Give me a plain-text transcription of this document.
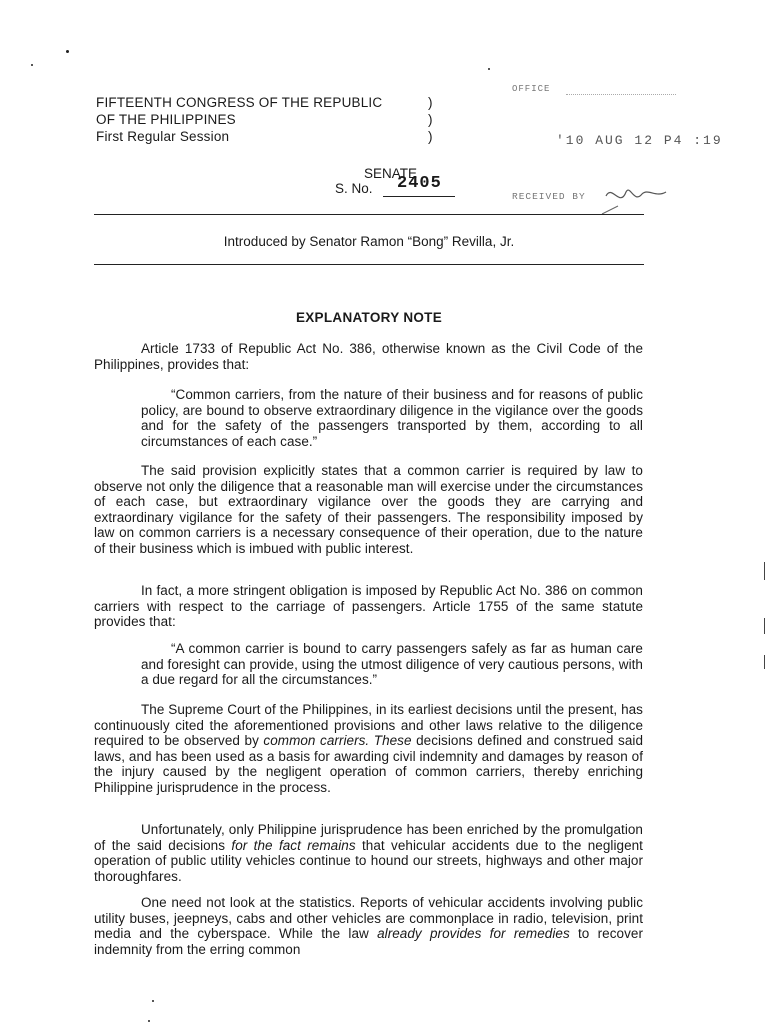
FIFTEENTH CONGRESS OF THE REPUBLIC
OF THE PHILIPPINES
First Regular Session
)
)
)
OFFICE
'10 AUG 12 P4 :19
RECEIVED BY
SENATE
S. No. 2405
Introduced by Senator Ramon “Bong” Revilla, Jr.
EXPLANATORY NOTE
Article 1733 of Republic Act No. 386, otherwise known as the Civil Code of the Philippines, provides that:
“Common carriers, from the nature of their business and for reasons of public policy, are bound to observe extraordinary diligence in the vigilance over the goods and for the safety of the passengers transported by them, according to all circumstances of each case.”
The said provision explicitly states that a common carrier is required by law to observe not only the diligence that a reasonable man will exercise under the circumstances of each case, but extraordinary vigilance over the goods they are carrying and extraordinary vigilance for the safety of their passengers. The responsibility imposed by law on common carriers is a necessary consequence of their operation, due to the nature of their business which is imbued with public interest.
In fact, a more stringent obligation is imposed by Republic Act No. 386 on common carriers with respect to the carriage of passengers. Article 1755 of the same statute provides that:
“A common carrier is bound to carry passengers safely as far as human care and foresight can provide, using the utmost diligence of very cautious persons, with a due regard for all the circumstances.”
The Supreme Court of the Philippines, in its earliest decisions until the present, has continuously cited the aforementioned provisions and other laws relative to the diligence required to be observed by common carriers. These decisions defined and construed said laws, and has been used as a basis for awarding civil indemnity and damages by reason of the injury caused by the negligent operation of common carriers, thereby enriching Philippine jurisprudence in the process.
Unfortunately, only Philippine jurisprudence has been enriched by the promulgation of the said decisions for the fact remains that vehicular accidents due to the negligent operation of public utility vehicles continue to hound our streets, highways and other major thoroughfares.
One need not look at the statistics. Reports of vehicular accidents involving public utility buses, jeepneys, cabs and other vehicles are commonplace in radio, television, print media and the cyberspace. While the law already provides for remedies to recover indemnity from the erring common
